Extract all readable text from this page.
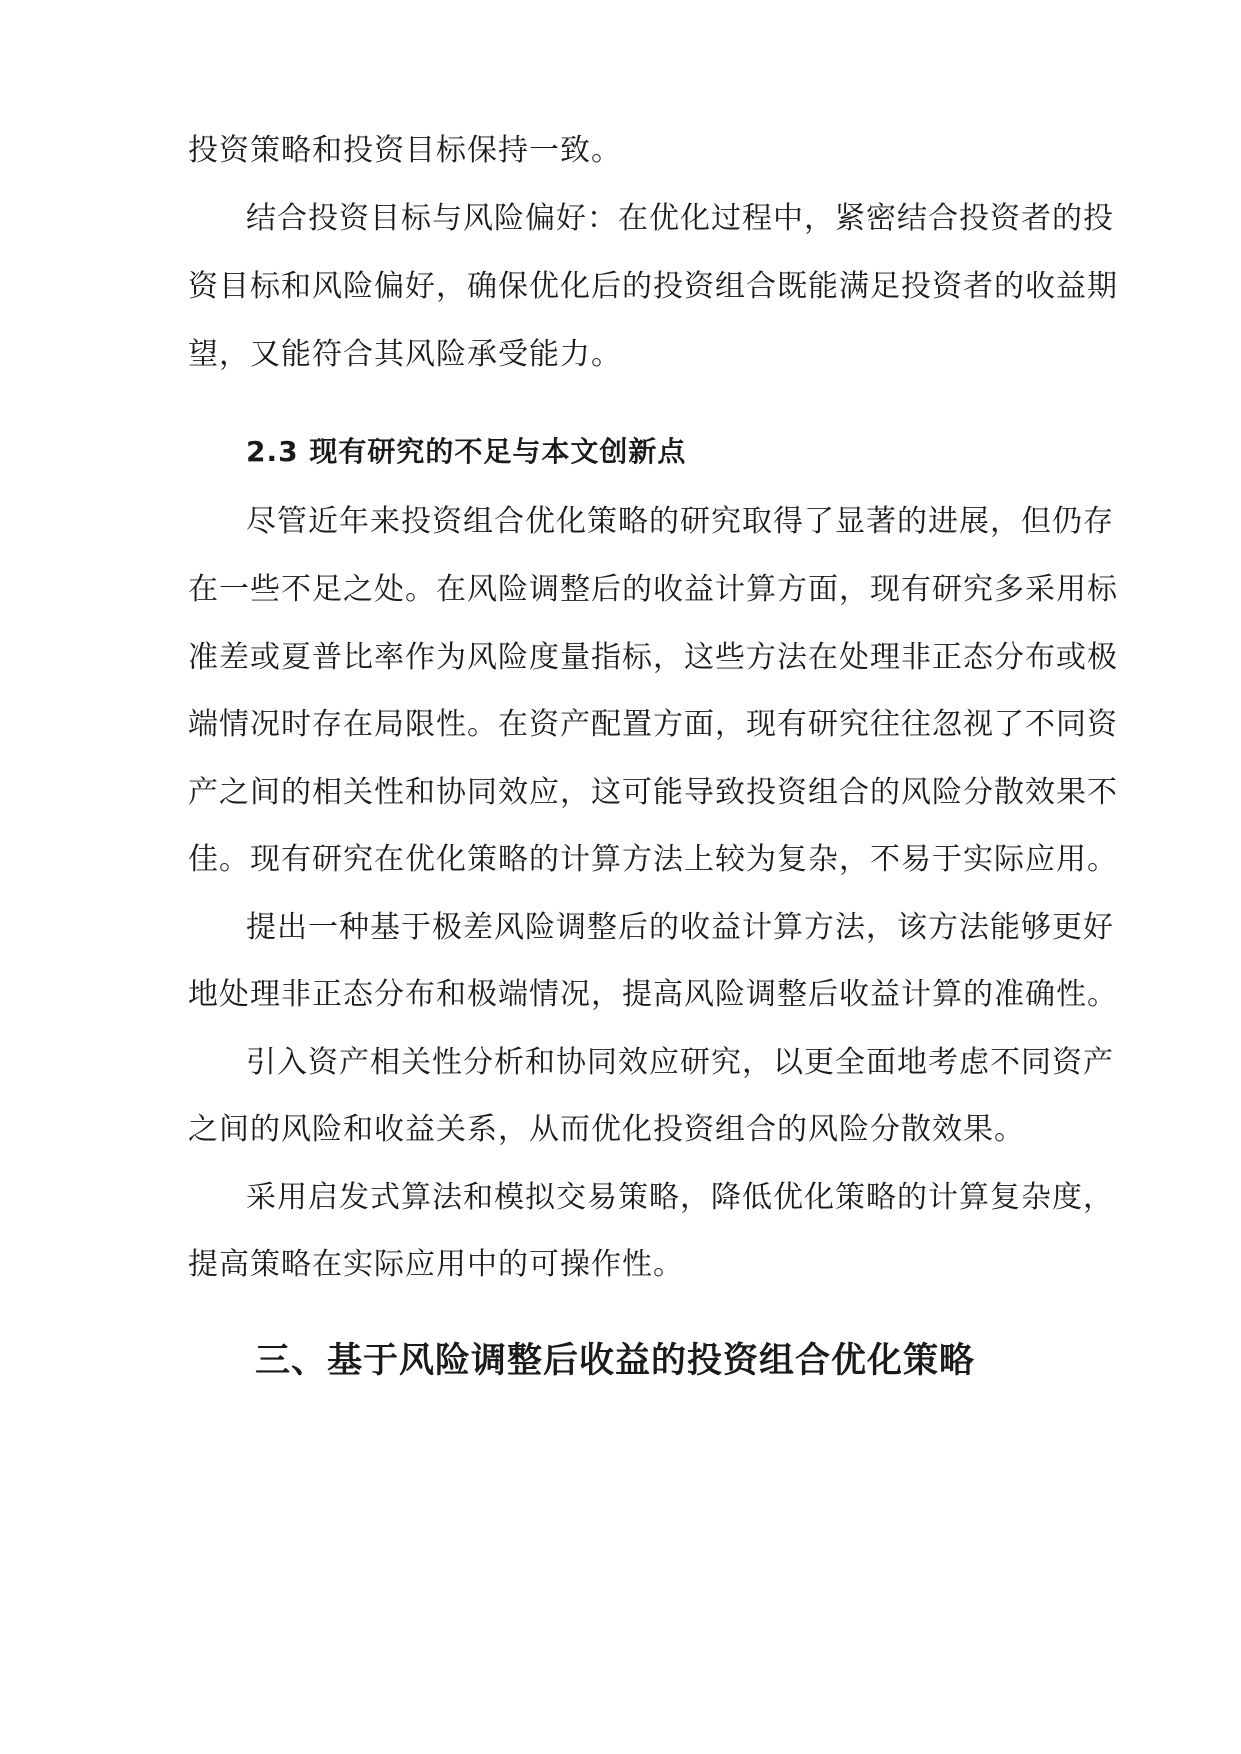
投资策略和投资目标保持一致。
结合投资目标与风险偏好：在优化过程中，紧密结合投资者的投
资目标和风险偏好，确保优化后的投资组合既能满足投资者的收益期
望，又能符合其风险承受能力。
2.3 现有研究的不足与本文创新点
尽管近年来投资组合优化策略的研究取得了显著的进展，但仍存
在一些不足之处。在风险调整后的收益计算方面，现有研究多采用标
准差或夏普比率作为风险度量指标，这些方法在处理非正态分布或极
端情况时存在局限性。在资产配置方面，现有研究往往忽视了不同资
产之间的相关性和协同效应，这可能导致投资组合的风险分散效果不
佳。现有研究在优化策略的计算方法上较为复杂，不易于实际应用。
提出一种基于极差风险调整后的收益计算方法，该方法能够更好
地处理非正态分布和极端情况，提高风险调整后收益计算的准确性。
引入资产相关性分析和协同效应研究，以更全面地考虑不同资产
之间的风险和收益关系，从而优化投资组合的风险分散效果。
采用启发式算法和模拟交易策略，降低优化策略的计算复杂度，
提高策略在实际应用中的可操作性。
三、基于风险调整后收益的投资组合优化策略
